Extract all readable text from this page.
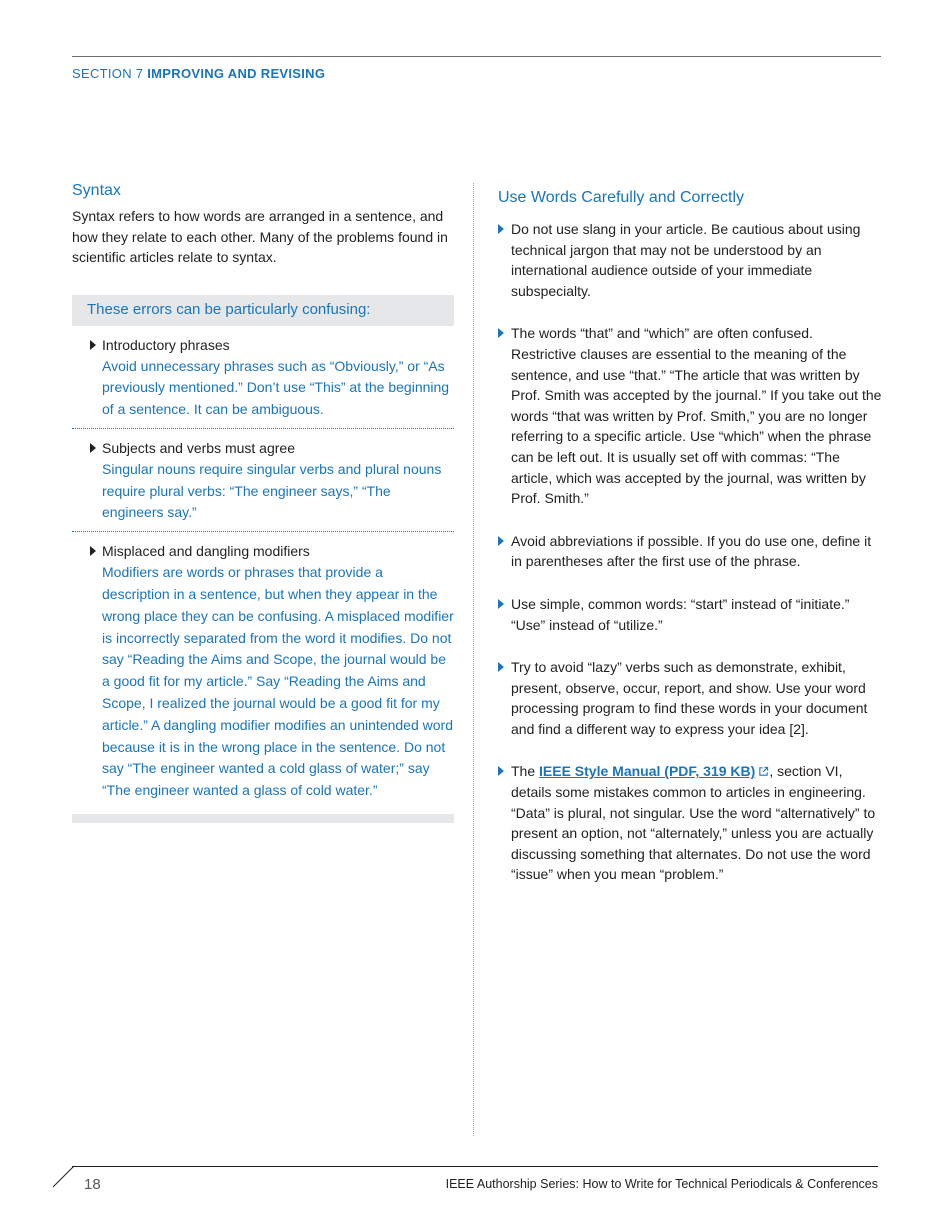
SECTION 7 IMPROVING AND REVISING
Syntax

Syntax refers to how words are arranged in a sentence, and how they relate to each other. Many of the problems found in scientific articles relate to syntax.

These errors can be particularly confusing:
Introductory phrases
Avoid unnecessary phrases such as “Obviously,” or “As previously mentioned.” Don’t use “This” at the beginning of a sentence. It can be ambiguous.
Subjects and verbs must agree
Singular nouns require singular verbs and plural nouns require plural verbs: “The engineer says,” “The engineers say.”
Misplaced and dangling modifiers
Modifiers are words or phrases that provide a description in a sentence, but when they appear in the wrong place they can be confusing. A misplaced modifier is incorrectly separated from the word it modifies. Do not say “Reading the Aims and Scope, the journal would be a good fit for my article.” Say “Reading the Aims and Scope, I realized the journal would be a good fit for my article.” A dangling modifier modifies an unintended word because it is in the wrong place in the sentence. Do not say “The engineer wanted a cold glass of water;” say “The engineer wanted a glass of cold water.”
Use Words Carefully and Correctly
Do not use slang in your article. Be cautious about using technical jargon that may not be understood by an international audience outside of your immediate subspecialty.
The words “that” and “which” are often confused. Restrictive clauses are essential to the meaning of the sentence, and use “that.” “The article that was written by Prof. Smith was accepted by the journal.” If you take out the words “that was written by Prof. Smith,” you are no longer referring to a specific article. Use “which” when the phrase can be left out. It is usually set off with commas: “The article, which was accepted by the journal, was written by Prof. Smith.”
Avoid abbreviations if possible. If you do use one, define it in parentheses after the first use of the phrase.
Use simple, common words: “start” instead of “initiate.” “Use” instead of “utilize.”
Try to avoid “lazy” verbs such as demonstrate, exhibit, present, observe, occur, report, and show. Use your word processing program to find these words in your document and find a different way to express your idea [2].
The IEEE Style Manual (PDF, 319 KB) , section VI, details some mistakes common to articles in engineering. “Data” is plural, not singular. Use the word “alternatively” to present an option, not “alternately,” unless you are actually discussing something that alternates. Do not use the word “issue” when you mean “problem.”
18	IEEE Authorship Series: How to Write for Technical Periodicals & Conferences
